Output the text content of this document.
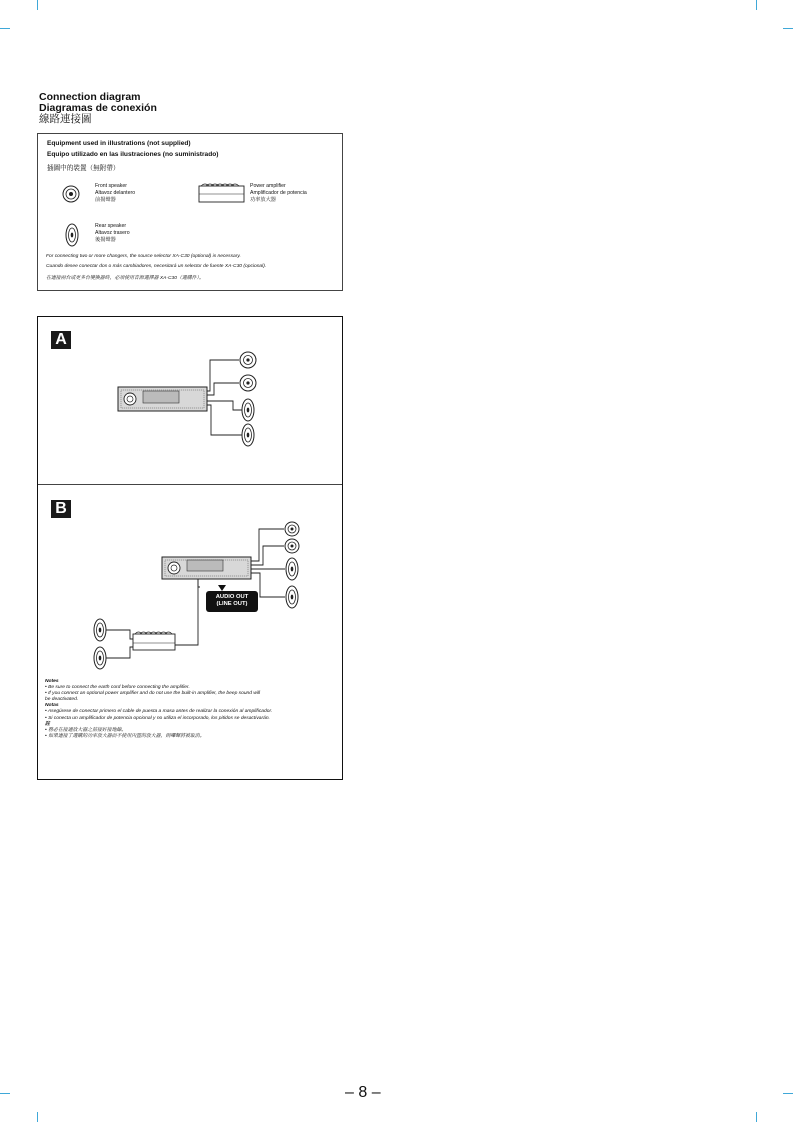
Connection diagram
Diagramas de conexión
線路連接圖
Equipment used in illustrations (not supplied)
Equipo utilizado en las ilustraciones (no suministrado)
插圖中的裝置（無附帶）
Front speaker
Altavoz delantero
前揚聲器
Power amplifier
Amplificador de potencia
功率放大器
Rear speaker
Altavoz trasero
後揚聲器
For connecting two or more changers, the source selector XA-C30 (optional) is necessary.
Cuando desee conectar dos o más cambiadores, necesitará un selector de fuente XA-C30 (opcional).
在連接兩台或更多台變換器時，必須使用音源選擇器 XA-C30（選購件）。
A
B
AUDIO OUT
(LINE OUT)
Notes
• Be sure to connect the earth cord before connecting the amplifier.
• If you connect an optional power amplifier and do not use the built-in amplifier, the beep sound will
be deactivated.
Notas
• Asegúrese de conectar primero el cable de puesta a masa antes de realizar la conexión al amplificador.
• Si conecta un amplificador de potencia opcional y no utiliza el incorporado, los pitidos se desactivarán.
註
• 務必在接通放大器之前接好接地線。
• 如果連接了選購的功率放大器而不使用內置的放大器，則嗶聲將被取消。
– 8 –
